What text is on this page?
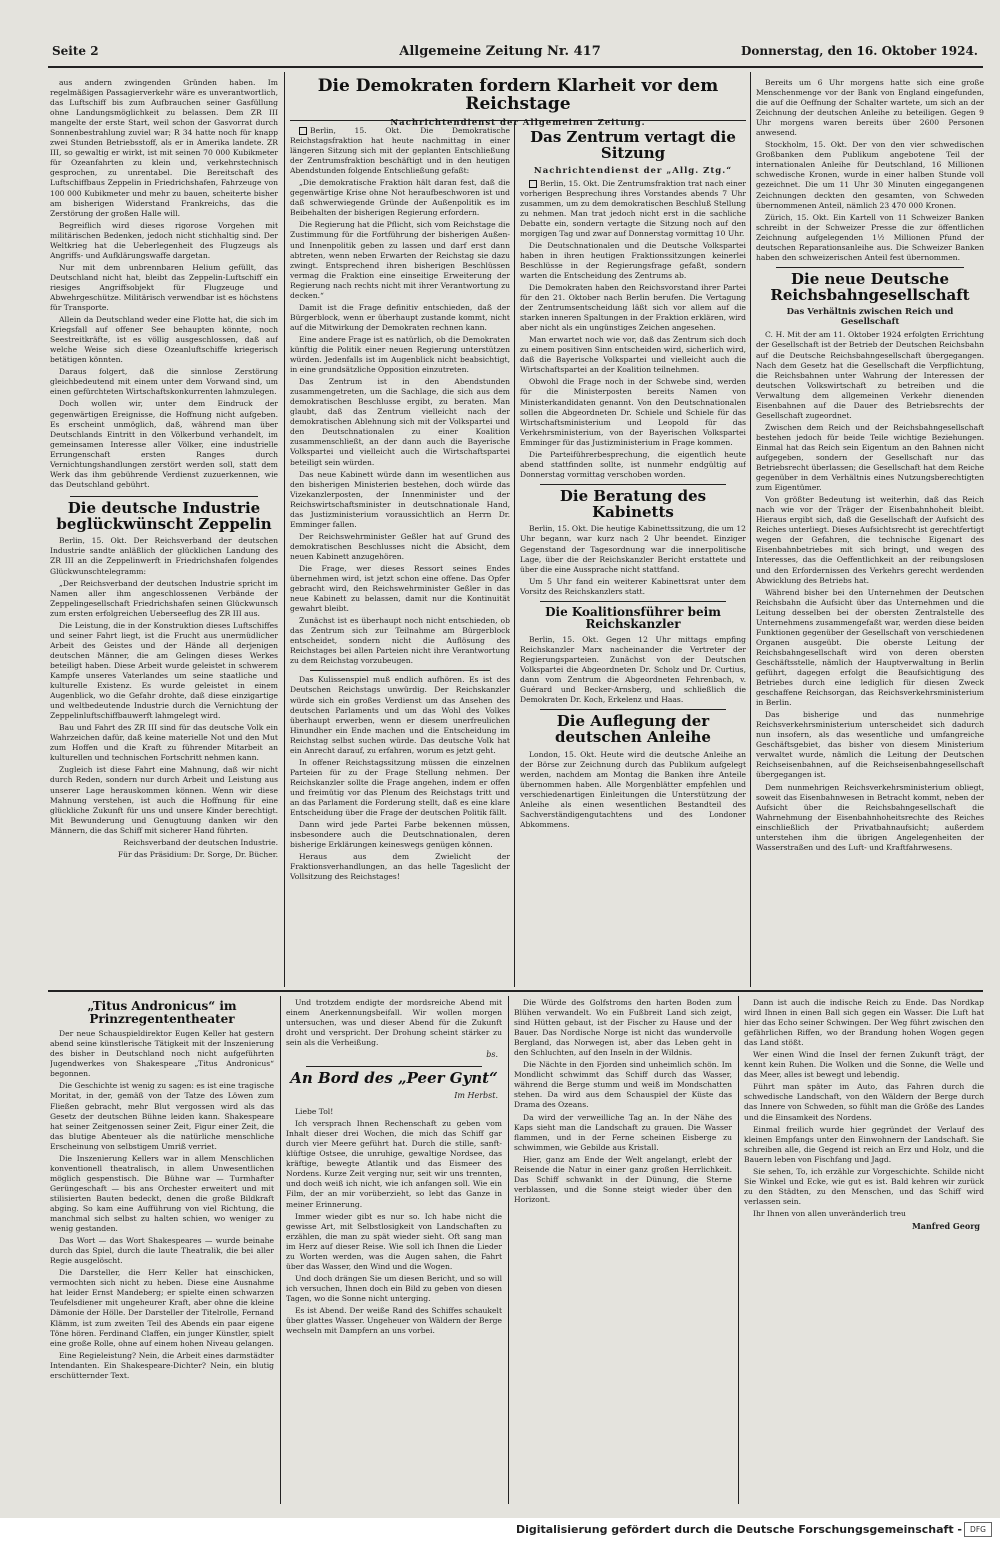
Seite 2	Allgemeine Zeitung Nr. 417	Donnerstag, den 16. Oktober 1924.

aus andern zwingenden Gründen haben. Im regelmäßigen Passagierverkehr wäre es unverantwortlich, das Luftschiff bis zum Aufbrauchen seiner Gasfüllung ohne Landungsmöglichkeit zu belassen. Dem ZR III mangelte der erste Start, weil schon der Gasvorrat durch Sonnenbestrahlung zuviel war; R 34 hatte noch für knapp zwei Stunden Betriebsstoff, als er in Amerika landete. ZR III, so gewaltig er wirkt, ist mit seinen 70 000 Kubikmeter für Ozeanfahrten zu klein und, verkehrstechnisch gesprochen, zu unrentabel. Die Bereitschaft des Luftschiffbaus Zeppelin in Friedrichshafen, Fahrzeuge von 100 000 Kubikmeter und mehr zu bauen, scheiterte bisher am bisherigen Widerstand Frankreichs, das die Zerstörung der großen Halle will.

Begreiflich wird dieses rigorose Vorgehen mit militärischen Bedenken, jedoch nicht stichhaltig sind. Der Weltkrieg hat die Ueberlegenheit des Flugzeugs als Angriffs- und Aufklärungswaffe dargetan.

Nur mit dem unbrennbaren Helium gefüllt, das Deutschland nicht hat, bleibt das Zeppelin-Luftschiff ein riesiges Angriffsobjekt für Flugzeuge und Abwehrgeschütze. Militärisch verwendbar ist es höchstens für Transporte.

Allein da Deutschland weder eine Flotte hat, die sich im Kriegsfall auf offener See behaupten könnte, noch Seestreitkräfte, ist es völlig ausgeschlossen, daß auf welche Weise sich diese Ozeanluftschiffe kriegerisch betätigen könnten.

Daraus folgert, daß die sinnlose Zerstörung gleichbedeutend mit einem unter dem Vorwand sind, um einen gefürchteten Wirtschaftskonkurrenten lahmzulegen.

Doch wollen wir, unter dem Eindruck der gegenwärtigen Ereignisse, die Hoffnung nicht aufgeben. Es erscheint unmöglich, daß, während man über Deutschlands Eintritt in den Völkerbund verhandelt, im gemeinsamen Interesse aller Völker, eine industrielle Errungenschaft ersten Ranges durch Vernichtungshandlungen zerstört werden soll, statt dem Werk das ihm gebührende Verdienst zuzuerkennen, wie das Deutschland gebührt.

Die deutsche Industrie beglückwünscht Zeppelin

Berlin, 15. Okt. Der Reichsverband der deutschen Industrie sandte anläßlich der glücklichen Landung des ZR III an die Zeppelinwerft in Friedrichshafen folgendes Glückwunschtelegramm:

„Der Reichsverband der deutschen Industrie spricht im Namen aller ihm angeschlossenen Verbände der Zeppelingesellschaft Friedrichshafen seinen Glückwunsch zum ersten erfolgreichen Ueberseeflug des ZR III aus.

Die Leistung, die in der Konstruktion dieses Luftschiffes und seiner Fahrt liegt, ist die Frucht aus unermüdlicher Arbeit des Geistes und der Hände all derjenigen deutschen Männer, die am Gelingen dieses Werkes beteiligt haben. Diese Arbeit wurde geleistet in schwerem Kampfe unseres Vaterlandes um seine staatliche und kulturelle Existenz. Es wurde geleistet in einem Augenblick, wo die Gefahr drohte, daß diese einzigartige und weltbedeutende Industrie durch die Vernichtung der Zeppelinluftschiffbauwerft lahmgelegt wird.

Bau und Fahrt des ZR III sind für das deutsche Volk ein Wahrzeichen dafür, daß keine materielle Not und den Mut zum Hoffen und die Kraft zu führender Mitarbeit an kulturellen und technischen Fortschritt nehmen kann.

Zugleich ist diese Fahrt eine Mahnung, daß wir nicht durch Reden, sondern nur durch Arbeit und Leistung aus unserer Lage herauskommen können. Wenn wir diese Mahnung verstehen, ist auch die Hoffnung für eine glückliche Zukunft für uns und unsere Kinder berechtigt. Mit Bewunderung und Genugtuung danken wir den Männern, die das Schiff mit sicherer Hand führten.

Reichsverband der deutschen Industrie.

Für das Präsidium: Dr. Sorge, Dr. Bücher.

Die Demokraten fordern Klarheit vor dem Reichstage
Nachrichtendienst der Allgemeinen Zeitung.

Berlin, 15. Okt. Die Demokratische Reichstagsfraktion hat heute nachmittag in einer längeren Sitzung sich mit der geplanten Entschließung der Zentrumsfraktion beschäftigt und in den heutigen Abendstunden folgende Entschließung gefaßt:

„Die demokratische Fraktion hält daran fest, daß die gegenwärtige Krise ohne Not heraufbeschworen ist und daß schwerwiegende Gründe der Außenpolitik es im Beibehalten der bisherigen Regierung erfordern.

Die Regierung hat die Pflicht, sich vom Reichstage die Zustimmung für die Fortführung der bisherigen Außen- und Innenpolitik geben zu lassen und darf erst dann abtreten, wenn neben Erwarten der Reichstag sie dazu zwingt. Entsprechend ihren bisherigen Beschlüssen vermag die Fraktion eine einseitige Erweiterung der Regierung nach rechts nicht mit ihrer Verantwortung zu decken.“

Damit ist die Frage definitiv entschieden, daß der Bürgerblock, wenn er überhaupt zustande kommt, nicht auf die Mitwirkung der Demokraten rechnen kann.

Eine andere Frage ist es natürlich, ob die Demokraten künftig die Politik einer neuen Regierung unterstützen würden. Jedenfalls ist im Augenblick nicht beabsichtigt, in eine grundsätzliche Opposition einzutreten.

Das Zentrum ist in den Abendstunden zusammengetreten, um die Sachlage, die sich aus dem demokratischen Beschlusse ergibt, zu beraten. Man glaubt, daß das Zentrum vielleicht nach der demokratischen Ablehnung sich mit der Volkspartei und den Deutschnationalen zu einer Koalition zusammenschließt, an der dann auch die Bayerische Volkspartei und vielleicht auch die Wirtschaftspartei beteiligt sein würden.

Das neue Kabinett würde dann im wesentlichen aus den bisherigen Ministerien bestehen, doch würde das Vizekanzlerposten, der Innenminister und der Reichswirtschaftsminister in deutschnationale Hand, das Justizministerium voraussichtlich an Herrn Dr. Emminger fallen.

Der Reichswehrminister Geßler hat auf Grund des demokratischen Beschlusses nicht die Absicht, dem neuen Kabinett anzugehören.

Die Frage, wer dieses Ressort seines Endes übernehmen wird, ist jetzt schon eine offene. Das Opfer gebracht wird, den Reichswehrminister Geßler in das neue Kabinett zu belassen, damit nur die Kontinuität gewahrt bleibt.

Zunächst ist es überhaupt noch nicht entschieden, ob das Zentrum sich zur Teilnahme am Bürgerblock entscheidet, sondern nicht die Auflösung des Reichstages bei allen Parteien nicht ihre Verantwortung zu dem Reichstag vorzubeugen.

Das Kulissenspiel muß endlich aufhören. Es ist des Deutschen Reichstags unwürdig. Der Reichskanzler würde sich ein großes Verdienst um das Ansehen des deutschen Parlaments und um das Wohl des Volkes überhaupt erwerben, wenn er diesem unerfreulichen Hinundher ein Ende machen und die Entscheidung im Reichstag selbst suchen würde. Das deutsche Volk hat ein Anrecht darauf, zu erfahren, worum es jetzt geht.

In offener Reichstagssitzung müssen die einzelnen Parteien für zu der Frage Stellung nehmen. Der Reichskanzler sollte die Frage angehen, indem er offen und freimütig vor das Plenum des Reichstags tritt und an das Parlament die Forderung stellt, daß es eine klare Entscheidung über die Frage der deutschen Politik fällt.

Dann wird jede Partei Farbe bekennen müssen, insbesondere auch die Deutschnationalen, deren bisherige Erklärungen keineswegs genügen können.

Heraus aus dem Zwielicht der Fraktionsverhandlungen, an das helle Tageslicht der Vollsitzung des Reichstages!

Das Zentrum vertagt die Sitzung
Nachrichtendienst der „Allg. Ztg.“

Berlin, 15. Okt. Die Zentrumsfraktion trat nach einer vorherigen Besprechung ihres Vorstandes abends 7 Uhr zusammen, um zu dem demokratischen Beschluß Stellung zu nehmen. Man trat jedoch nicht erst in die sachliche Debatte ein, sondern vertagte die Sitzung noch auf den morgigen Tag und zwar auf Donnerstag vormittag 10 Uhr.

Die Deutschnationalen und die Deutsche Volkspartei haben in ihren heutigen Fraktionssitzungen keinerlei Beschlüsse in der Regierungsfrage gefaßt, sondern warten die Entscheidung des Zentrums ab.

Die Demokraten haben den Reichsvorstand ihrer Partei für den 21. Oktober nach Berlin berufen. Die Vertagung der Zentrumsentscheidung läßt sich vor allem auf die starken inneren Spaltungen in der Fraktion erklären, wird aber nicht als ein ungünstiges Zeichen angesehen.

Man erwartet noch wie vor, daß das Zentrum sich doch zu einem positiven Sinn entscheiden wird, sicherlich wird, daß die Bayerische Volkspartei und vielleicht auch die Wirtschaftspartei an der Koalition teilnehmen.

Obwohl die Frage noch in der Schwebe sind, werden für die Ministerposten bereits Namen von Ministerkandidaten genannt. Von den Deutschnationalen sollen die Abgeordneten Dr. Schiele und Schiele für das Wirtschaftsministerium und Leopold für das Verkehrsministerium, von der Bayerischen Volkspartei Emminger für das Justizministerium in Frage kommen.

Die Parteiführerbesprechung, die eigentlich heute abend stattfinden sollte, ist nunmehr endgültig auf Donnerstag vormittag verschoben worden.

Die Beratung des Kabinetts

Berlin, 15. Okt. Die heutige Kabinettssitzung, die um 12 Uhr begann, war kurz nach 2 Uhr beendet. Einziger Gegenstand der Tagesordnung war die innerpolitische Lage, über die der Reichskanzler Bericht erstattete und über die eine Aussprache nicht stattfand.

Um 5 Uhr fand ein weiterer Kabinettsrat unter dem Vorsitz des Reichskanzlers statt.

Die Koalitionsführer beim Reichskanzler

Berlin, 15. Okt. Gegen 12 Uhr mittags empfing Reichskanzler Marx nacheinander die Vertreter der Regierungsparteien. Zunächst von der Deutschen Volkspartei die Abgeordneten Dr. Scholz und Dr. Curtius, dann vom Zentrum die Abgeordneten Fehrenbach, v. Guérard und Becker-Arnsberg, und schließlich die Demokraten Dr. Koch, Erkelenz und Haas.

Die Auflegung der deutschen Anleihe

London, 15. Okt. Heute wird die deutsche Anleihe an der Börse zur Zeichnung durch das Publikum aufgelegt werden, nachdem am Montag die Banken ihre Anteile übernommen haben. Alle Morgenblätter empfehlen und verschiedenartigen Einleitungen die Unterstützung der Anleihe als einen wesentlichen Bestandteil des Sachverständigengutachtens und des Londoner Abkommens.

Bereits um 6 Uhr morgens hatte sich eine große Menschenmenge vor der Bank von England eingefunden, die auf die Oeffnung der Schalter wartete, um sich an der Zeichnung der deutschen Anleihe zu beteiligen. Gegen 9 Uhr morgens waren bereits über 2600 Personen anwesend.

Stockholm, 15. Okt. Der von den vier schwedischen Großbanken dem Publikum angebotene Teil der internationalen Anleihe für Deutschland, 16 Millionen schwedische Kronen, wurde in einer halben Stunde voll gezeichnet. Die um 11 Uhr 30 Minuten eingegangenen Zeichnungen deckten den gesamten, von Schweden übernommenen Anteil, nämlich 23 470 000 Kronen.

Zürich, 15. Okt. Ein Kartell von 11 Schweizer Banken schreibt in der Schweizer Presse die zur öffentlichen Zeichnung aufgelegenden 1½ Millionen Pfund der deutschen Reparationsanleihe aus. Die Schweizer Banken haben den schweizerischen Anteil fest übernommen.

Die neue Deutsche Reichsbahngesellschaft
Das Verhältnis zwischen Reich und Gesellschaft

C. H. Mit der am 11. Oktober 1924 erfolgten Errichtung der Gesellschaft ist der Betrieb der Deutschen Reichsbahn auf die Deutsche Reichsbahngesellschaft übergegangen. Nach dem Gesetz hat die Gesellschaft die Verpflichtung, die Reichsbahnen unter Wahrung der Interessen der deutschen Volkswirtschaft zu betreiben und die Verwaltung dem allgemeinen Verkehr dienenden Eisenbahnen auf die Dauer des Betriebsrechts der Gesellschaft zugeordnet.

Zwischen dem Reich und der Reichsbahngesellschaft bestehen jedoch für beide Teile wichtige Beziehungen. Einmal hat das Reich sein Eigentum an den Bahnen nicht aufgegeben, sondern der Gesellschaft nur das Betriebsrecht überlassen; die Gesellschaft hat dem Reiche gegenüber in dem Verhältnis eines Nutzungsberechtigten zum Eigentümer.

Von größter Bedeutung ist weiterhin, daß das Reich nach wie vor der Träger der Eisenbahnhoheit bleibt. Hieraus ergibt sich, daß die Gesellschaft der Aufsicht des Reiches unterliegt. Dieses Aufsichtsrecht ist gerechtfertigt wegen der Gefahren, die technische Eigenart des Eisenbahnbetriebes mit sich bringt, und wegen des Interesses, das die Oeffentlichkeit an der reibungslosen und den Erfordernissen des Verkehrs gerecht werdenden Abwicklung des Betriebs hat.

Während bisher bei den Unternehmen der Deutschen Reichsbahn die Aufsicht über das Unternehmen und die Leitung desselben bei der obersten Zentralstelle des Unternehmens zusammengefaßt war, werden diese beiden Funktionen gegenüber der Gesellschaft von verschiedenen Organen ausgeübt. Die oberste Leitung der Reichsbahngesellschaft wird von deren obersten Geschäftsstelle, nämlich der Hauptverwaltung in Berlin geführt, dagegen erfolgt die Beaufsichtigung des Betriebes durch eine lediglich für diesen Zweck geschaffene Reichsorgan, das Reichsverkehrsministerium in Berlin.

Das bisherige und das nunmehrige Reichsverkehrsministerium unterscheidet sich dadurch nun insofern, als das wesentliche und umfangreiche Geschäftsgebiet, das bisher von diesem Ministerium verwaltet wurde, nämlich die Leitung der Deutschen Reichseisenbahnen, auf die Reichseisenbahngesellschaft übergegangen ist.

Dem nunmehrigen Reichsverkehrsministerium obliegt, soweit das Eisenbahnwesen in Betracht kommt, neben der Aufsicht über die Reichsbahngesellschaft die Wahrnehmung der Eisenbahnhoheitsrechte des Reiches einschließlich der Privatbahnaufsicht; außerdem unterstehen ihm die übrigen Angelegenheiten der Wasserstraßen und des Luft- und Kraftfahrwesens.

„Titus Andronicus“ im Prinzregententheater

Der neue Schauspieldirektor Eugen Keller hat gestern abend seine künstlerische Tätigkeit mit der Inszenierung des bisher in Deutschland noch nicht aufgeführten Jugendwerkes von Shakespeare „Titus Andronicus“ begonnen.

Die Geschichte ist wenig zu sagen: es ist eine tragische Moritat, in der, gemäß von der Tatze des Löwen zum Fließen gebracht, mehr Blut vergossen wird als das Gesetz der deutschen Bühne leiden kann. Shakespeare hat seiner Zeitgenossen seiner Zeit, Figur einer Zeit, die das blutige Abenteuer als die natürliche menschliche Erscheinung von selbstigem Umriß verriet.

Die Inszenierung Kellers war in allem Menschlichen konventionell theatralisch, in allem Unwesentlichen möglich gespenstisch. Die Bühne war — Turmhafter Gerüngeschaft — bis ans Orchester erweitert und mit stilisierten Bauten bedeckt, denen die große Bildkraft abging. So kam eine Aufführung von viel Richtung, die manchmal sich selbst zu halten schien, wo weniger zu wenig gestanden.

Das Wort — das Wort Shakespeares — wurde beinahe durch das Spiel, durch die laute Theatralik, die bei aller Regie ausgelöscht.

Die Darsteller, die Herr Keller hat einschicken, vermochten sich nicht zu heben. Diese eine Ausnahme hat leider Ernst Mandeberg; er spielte einen schwarzen Teufelsdiener mit ungeheurer Kraft, aber ohne die kleine Dämonie der Hölle. Der Darsteller der Titelrolle, Fernand Klämm, ist zum zweiten Teil des Abends ein paar eigene Töne hören. Ferdinand Claffen, ein junger Künstler, spielt eine große Rolle, ohne auf einem hohen Niveau gelangen.

Eine Regieleistung? Nein, die Arbeit eines darmstädter Intendanten. Ein Shakespeare-Dichter? Nein, ein blutig erschütternder Text.

Und trotzdem endigte der mordsreiche Abend mit einem Anerkennungsbeifall. Wir wollen morgen untersuchen, was und dieser Abend für die Zukunft droht und verspricht. Der Drohung scheint stärker zu sein als die Verheißung.

bs.
An Bord des „Peer Gynt“
Im Herbst.

Liebe Tol!

Ich versprach Ihnen Rechenschaft zu geben vom Inhalt dieser drei Wochen, die mich das Schiff gar durch vier Meere geführt hat. Durch die stille, sanft-klüftige Ostsee, die unruhige, gewaltige Nordsee, das kräftige, bewegte Atlantik und das Eismeer des Nordens. Kurze Zeit verging nur, seit wir uns trennten, und doch weiß ich nicht, wie ich anfangen soll. Wie ein Film, der an mir vorüberzieht, so lebt das Ganze in meiner Erinnerung.

Immer wieder gibt es nur so. Ich habe nicht die gewisse Art, mit Selbstlosigkeit von Landschaften zu erzählen, die man zu spät wieder sieht. Oft sang man im Herz auf dieser Reise. Wie soll ich Ihnen die Lieder zu Worten werden, was die Augen sahen, die Fahrt über das Wasser, den Wind und die Wogen.

Und doch drängen Sie um diesen Bericht, und so will ich versuchen, Ihnen doch ein Bild zu geben von diesen Tagen, wo die Sonne nicht unterging.

Es ist Abend. Der weiße Rand des Schiffes schaukelt über glattes Wasser. Ungeheuer von Wäldern der Berge wechseln mit Dampfern an uns vorbei.

Die Würde des Golfstroms den harten Boden zum Blühen verwandelt. Wo ein Fußbreit Land sich zeigt, sind Hütten gebaut, ist der Fischer zu Hause und der Bauer. Das Nordische Norge ist nicht das wundervolle Bergland, das Norwegen ist, aber das Leben geht in den Schluchten, auf den Inseln in der Wildnis.

Die Nächte in den Fjorden sind unheimlich schön. Im Mondlicht schwimmt das Schiff durch das Wasser, während die Berge stumm und weiß im Mondschatten stehen. Da wird aus dem Schauspiel der Küste das Drama des Ozeans.

Da wird der verweilliche Tag an. In der Nähe des Kaps sieht man die Landschaft zu grauen. Die Wasser flammen, und in der Ferne scheinen Eisberge zu schwimmen, wie Gebilde aus Kristall.

Hier, ganz am Ende der Welt angelangt, erlebt der Reisende die Natur in einer ganz großen Herrlichkeit. Das Schiff schwankt in der Dünung, die Sterne verblassen, und die Sonne steigt wieder über den Horizont.

Dann ist auch die indische Reich zu Ende. Das Nordkap wird Ihnen in einen Ball sich gegen ein Wasser. Die Luft hat hier das Echo seiner Schwingen. Der Weg führt zwischen den gefährlichen Riffen, wo der Brandung hohen Wogen gegen das Land stößt.

Wer einen Wind die Insel der fernen Zukunft trägt, der kennt kein Ruhen. Die Wolken und die Sonne, die Welle und das Meer, alles ist bewegt und lebendig.

Führt man später im Auto, das Fahren durch die schwedische Landschaft, von den Wäldern der Berge durch das Innere von Schweden, so fühlt man die Größe des Landes und die Einsamkeit des Nordens.

Einmal freilich wurde hier gegründet der Verlauf des kleinen Empfangs unter den Einwohnern der Landschaft. Sie schreiben alle, die Gegend ist reich an Erz und Holz, und die Bauern leben von Fischfang und Jagd.

Sie sehen, To, ich erzähle zur Vorgeschichte. Schilde nicht Sie Winkel und Ecke, wie gut es ist. Bald kehren wir zurück zu den Städten, zu den Menschen, und das Schiff wird verlassen sein.

Ihr Ihnen von allen unveränderlich treu

Manfred Georg
Digitalisierung gefördert durch die Deutsche Forschungsgemeinschaft -	DFG
